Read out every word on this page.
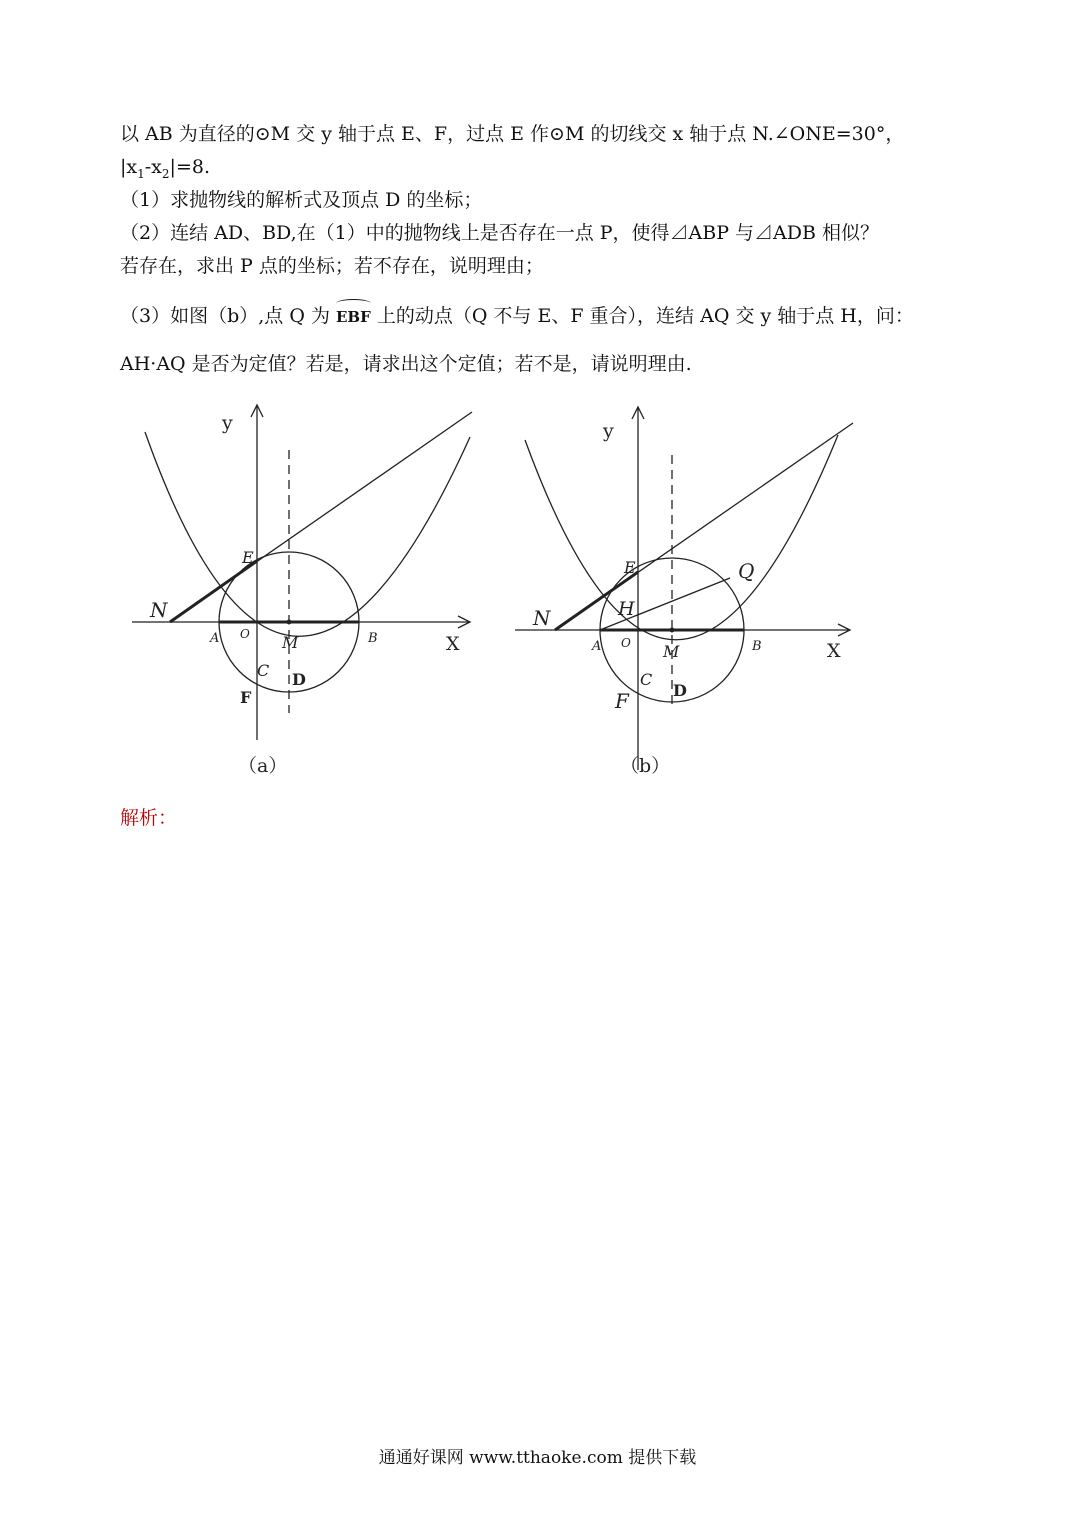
以 AB 为直径的⊙M 交 y 轴于点 E、F，过点 E 作⊙M 的切线交 x 轴于点 N.∠ONE=30°，
$|x_1-x_2|=8$.
（1）求抛物线的解析式及顶点 D 的坐标；
（2）连结 AD、BD,在（1）中的抛物线上是否存在一点 P，使得⊿ABP 与⊿ADB 相似？
若存在，求出 P 点的坐标；若不存在，说明理由；
（3）如图（b）,点 Q 为 EBF 上的动点（Q 不与 E、F 重合），连结 AQ 交 y 轴于点 H，问：
AH·AQ 是否为定值？若是，请求出这个定值；若不是，请说明理由.
y
X
N
E
A O M	B
C D
F
（a）
y
X
N
E
H
Q
A O M	B
C
F	D
（b）
解析：
通通好课网 www.tthaoke.com 提供下载
